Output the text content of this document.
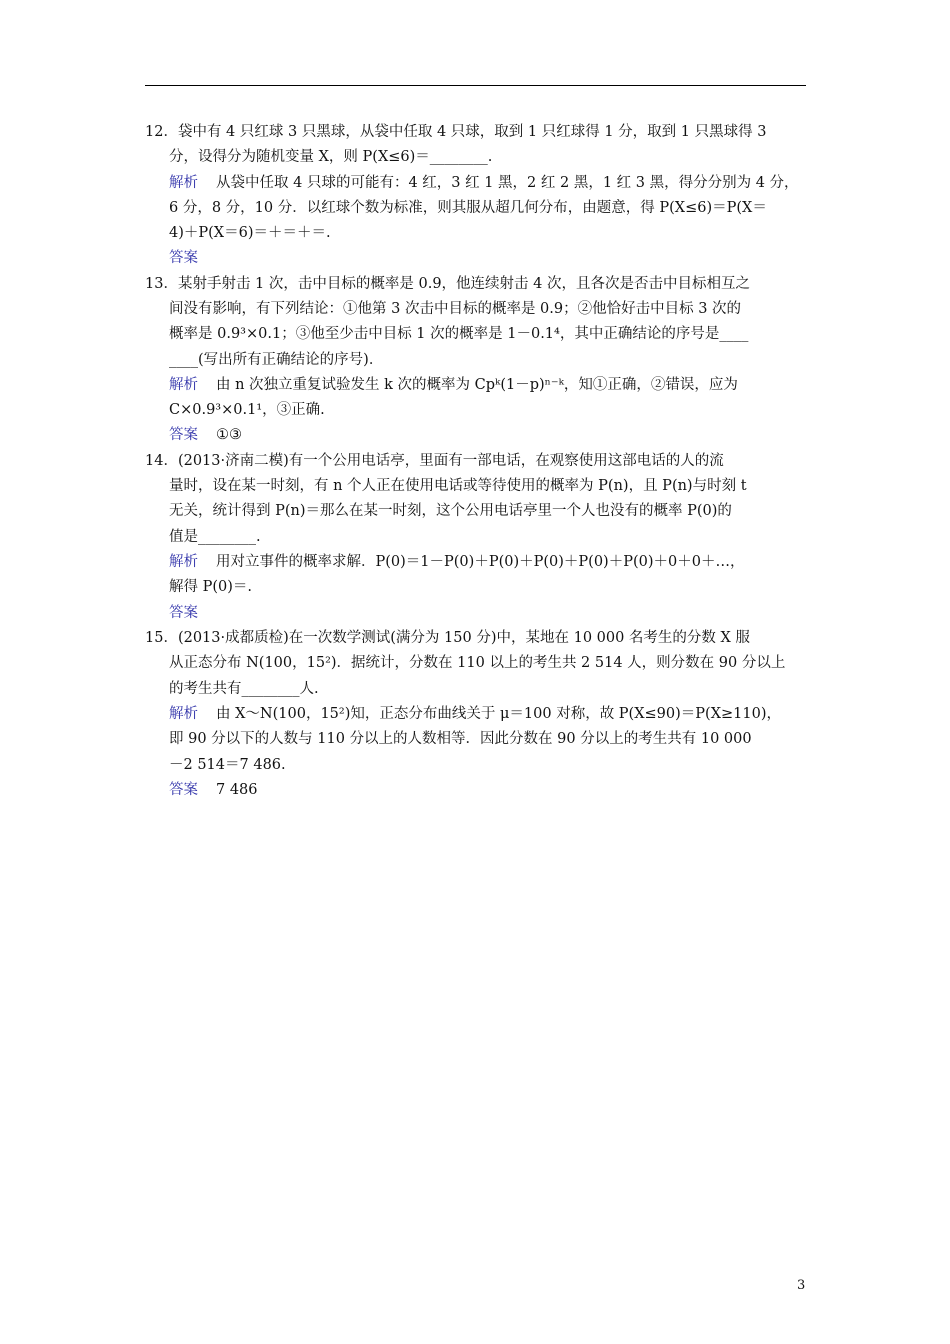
12．袋中有 4 只红球 3 只黑球，从袋中任取 4 只球，取到 1 只红球得 1 分，取到 1 只黑球得 3
分，设得分为随机变量 X，则 P(X≤6)＝________.
解析 从袋中任取 4 只球的可能有：4 红，3 红 1 黑，2 红 2 黑，1 红 3 黑，得分分别为 4 分，
6 分，8 分，10 分．以红球个数为标准，则其服从超几何分布，由题意，得 P(X≤6)＝P(X＝
4)＋P(X＝6)＝＋＝＋＝.
答案
13．某射手射击 1 次，击中目标的概率是 0.9，他连续射击 4 次，且各次是否击中目标相互之
间没有影响，有下列结论：①他第 3 次击中目标的概率是 0.9；②他恰好击中目标 3 次的
概率是 0.9³×0.1；③他至少击中目标 1 次的概率是 1－0.1⁴，其中正确结论的序号是____
____(写出所有正确结论的序号)．
解析 由 n 次独立重复试验发生 k 次的概率为 Cpᵏ(1－p)ⁿ⁻ᵏ，知①正确，②错误，应为
C×0.9³×0.1¹，③正确.
答案 ①③
14．(2013·济南二模)有一个公用电话亭，里面有一部电话，在观察使用这部电话的人的流
量时，设在某一时刻，有 n 个人正在使用电话或等待使用的概率为 P(n)，且 P(n)与时刻 t
无关，统计得到 P(n)＝那么在某一时刻，这个公用电话亭里一个人也没有的概率 P(0)的
值是________.
解析 用对立事件的概率求解．P(0)＝1－P(0)＋P(0)＋P(0)＋P(0)＋P(0)＋0＋0＋…，
解得 P(0)＝.
答案
15．(2013·成都质检)在一次数学测试(满分为 150 分)中，某地在 10 000 名考生的分数 X 服
从正态分布 N(100，15²)．据统计，分数在 110 以上的考生共 2 514 人，则分数在 90 分以上
的考生共有________人.
解析 由 X～N(100，15²)知，正态分布曲线关于 μ＝100 对称，故 P(X≤90)＝P(X≥110)，
即 90 分以下的人数与 110 分以上的人数相等．因此分数在 90 分以上的考生共有 10 000
－2 514＝7 486.
答案 7 486
3
